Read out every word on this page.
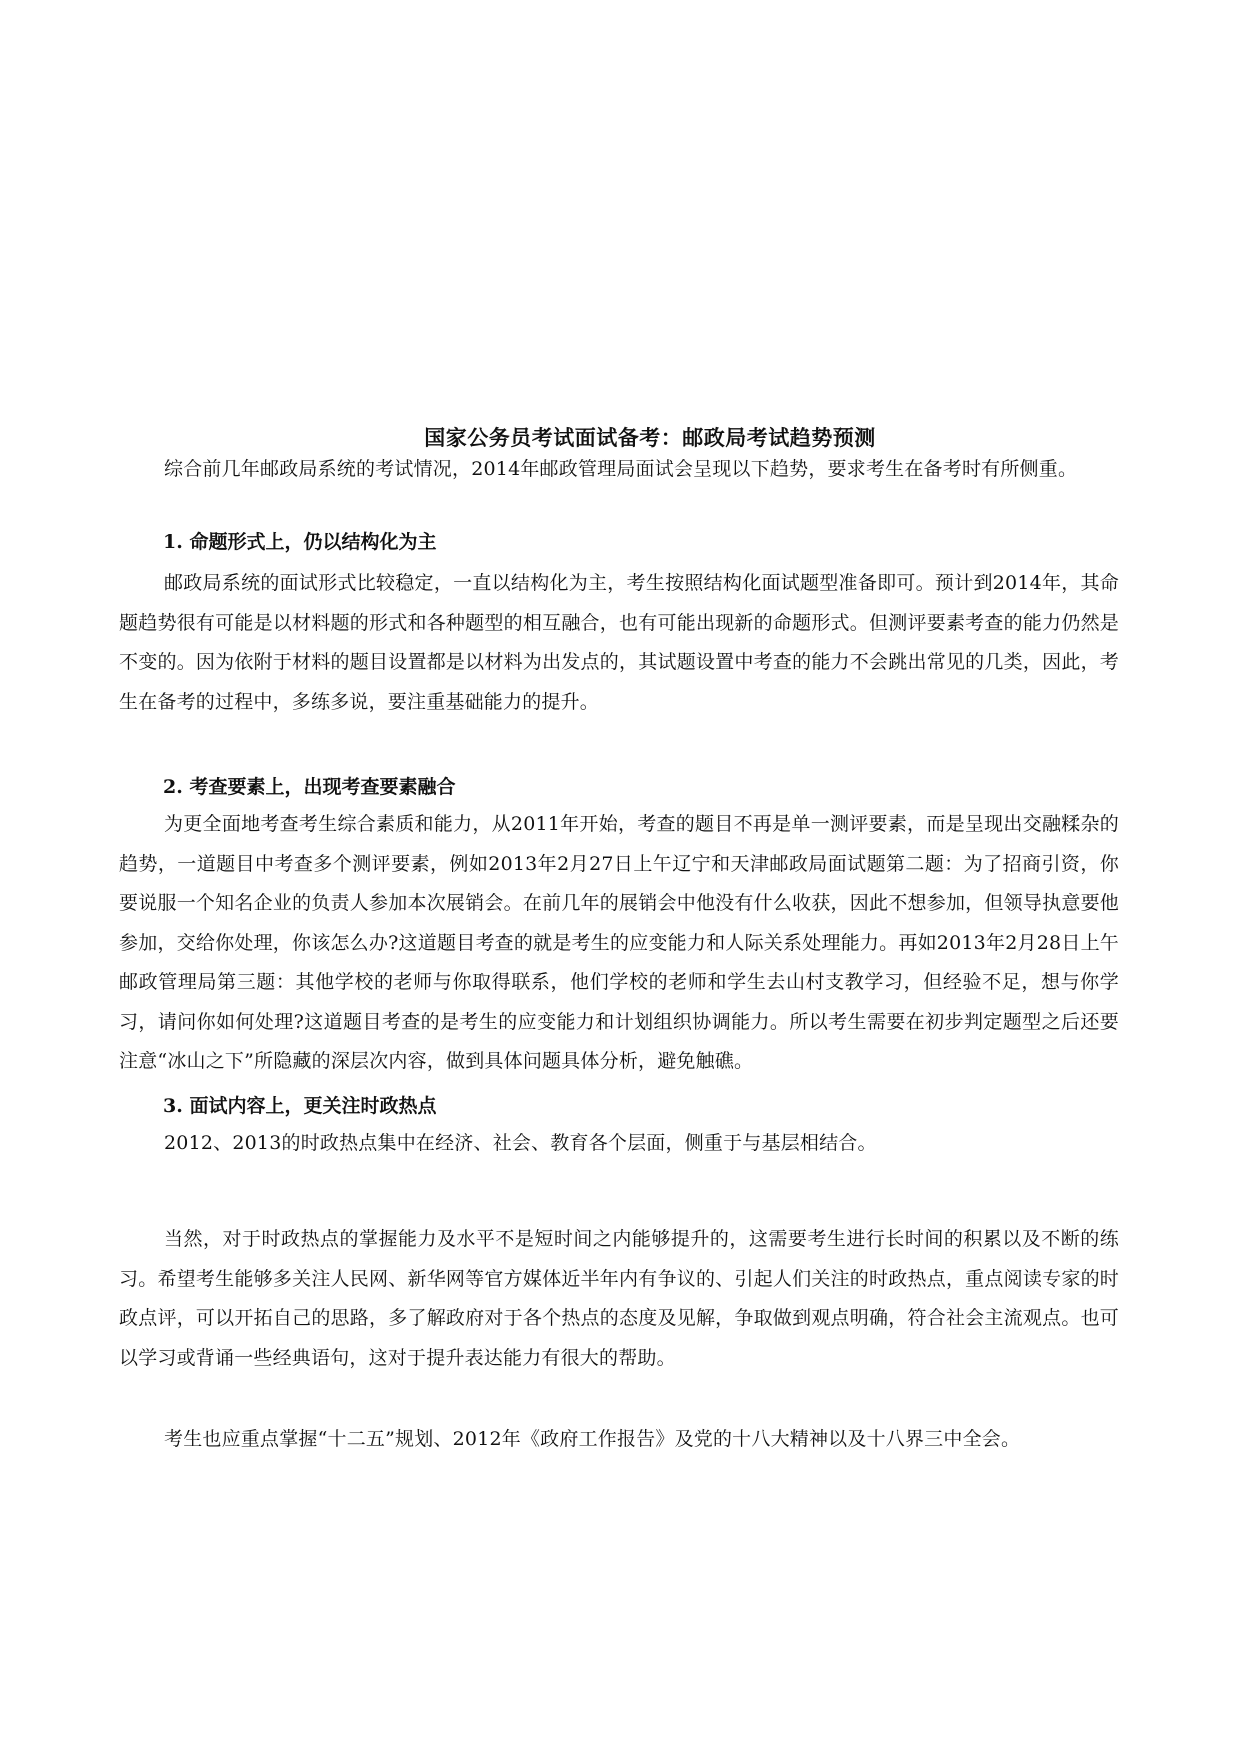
国家公务员考试面试备考：邮政局考试趋势预测

综合前几年邮政局系统的考试情况，2014年邮政管理局面试会呈现以下趋势，要求考生在备考时有所侧重。

1. 命题形式上，仍以结构化为主

邮政局系统的面试形式比较稳定，一直以结构化为主，考生按照结构化面试题型准备即可。预计到2014年，其命题趋势很有可能是以材料题的形式和各种题型的相互融合，也有可能出现新的命题形式。但测评要素考查的能力仍然是不变的。因为依附于材料的题目设置都是以材料为出发点的，其试题设置中考查的能力不会跳出常见的几类，因此，考生在备考的过程中，多练多说，要注重基础能力的提升。

2. 考查要素上，出现考查要素融合

为更全面地考查考生综合素质和能力，从2011年开始，考查的题目不再是单一测评要素，而是呈现出交融糅杂的趋势，一道题目中考查多个测评要素，例如2013年2月27日上午辽宁和天津邮政局面试题第二题：为了招商引资，你要说服一个知名企业的负责人参加本次展销会。在前几年的展销会中他没有什么收获，因此不想参加，但领导执意要他参加，交给你处理，你该怎么办?这道题目考查的就是考生的应变能力和人际关系处理能力。再如2013年2月28日上午邮政管理局第三题：其他学校的老师与你取得联系，他们学校的老师和学生去山村支教学习，但经验不足，想与你学习，请问你如何处理?这道题目考查的是考生的应变能力和计划组织协调能力。所以考生需要在初步判定题型之后还要注意“冰山之下”所隐藏的深层次内容，做到具体问题具体分析，避免触礁。

3. 面试内容上，更关注时政热点

2012、2013的时政热点集中在经济、社会、教育各个层面，侧重于与基层相结合。

当然，对于时政热点的掌握能力及水平不是短时间之内能够提升的，这需要考生进行长时间的积累以及不断的练习。希望考生能够多关注人民网、新华网等官方媒体近半年内有争议的、引起人们关注的时政热点，重点阅读专家的时政点评，可以开拓自己的思路，多了解政府对于各个热点的态度及见解，争取做到观点明确，符合社会主流观点。也可以学习或背诵一些经典语句，这对于提升表达能力有很大的帮助。

考生也应重点掌握“十二五”规划、2012年《政府工作报告》及党的十八大精神以及十八界三中全会。
